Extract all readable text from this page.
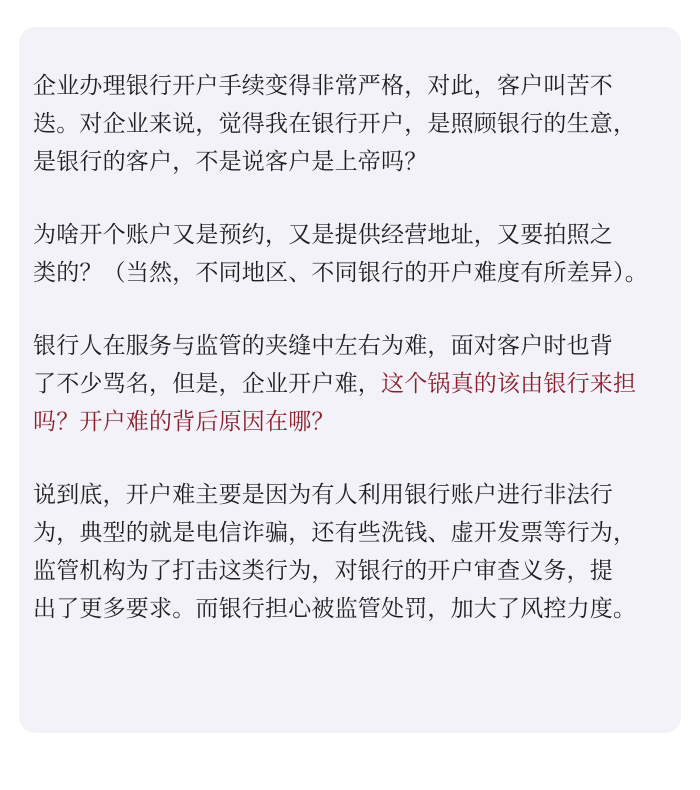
企业办理银行开户手续变得非常严格，对此，客户叫苦不
迭。对企业来说，觉得我在银行开户，是照顾银行的生意，
是银行的客户，不是说客户是上帝吗？

为啥开个账户又是预约，又是提供经营地址，又要拍照之
类的？（当然，不同地区、不同银行的开户难度有所差异）。

银行人在服务与监管的夹缝中左右为难，面对客户时也背
了不少骂名，但是，企业开户难，这个锅真的该由银行来担
吗？开户难的背后原因在哪？

说到底，开户难主要是因为有人利用银行账户进行非法行
为，典型的就是电信诈骗，还有些洗钱、虚开发票等行为，
监管机构为了打击这类行为，对银行的开户审查义务，提
出了更多要求。而银行担心被监管处罚，加大了风控力度。
